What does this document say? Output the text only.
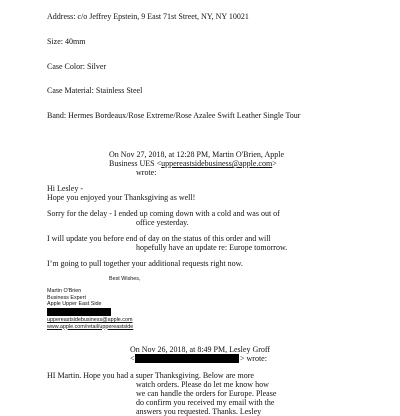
Address: c/o Jeffrey Epstein, 9 East 71st Street, NY, NY 10021
Size: 40mm
Case Color: Silver
Case Material: Stainless Steel
Band: Hermes Bordeaux/Rose Extreme/Rose Azalee Swift Leather Single Tour
On Nov 27, 2018, at 12:28 PM, Martin O'Brien, Apple
Business UES <uppereastsidebusiness@apple.com>
wrote:
Hi Lesley -
Hope you enjoyed your Thanksgiving as well!
Sorry for the delay - I ended up coming down with a cold and was out of
office yesterday.
I will update you before end of day on the status of this order and will
hopefully have an update re: Europe tomorrow.
I’m going to pull together your additional requests right now.
Best Wishes,
Martin O'Brien
Business Expert
Apple Upper East Side
uppereastsidebusiness@apple.com
www.apple.com/retail/uppereastside
On Nov 26, 2018, at 8:49 PM, Lesley Groff
<	> wrote:
HI Martin. Hope you had a super Thanksgiving. Below are more
watch orders. Please do let me know how
we can handle the orders for Europe. Please
do confirm you received my email with the
answers you requested. Thanks. Lesley
